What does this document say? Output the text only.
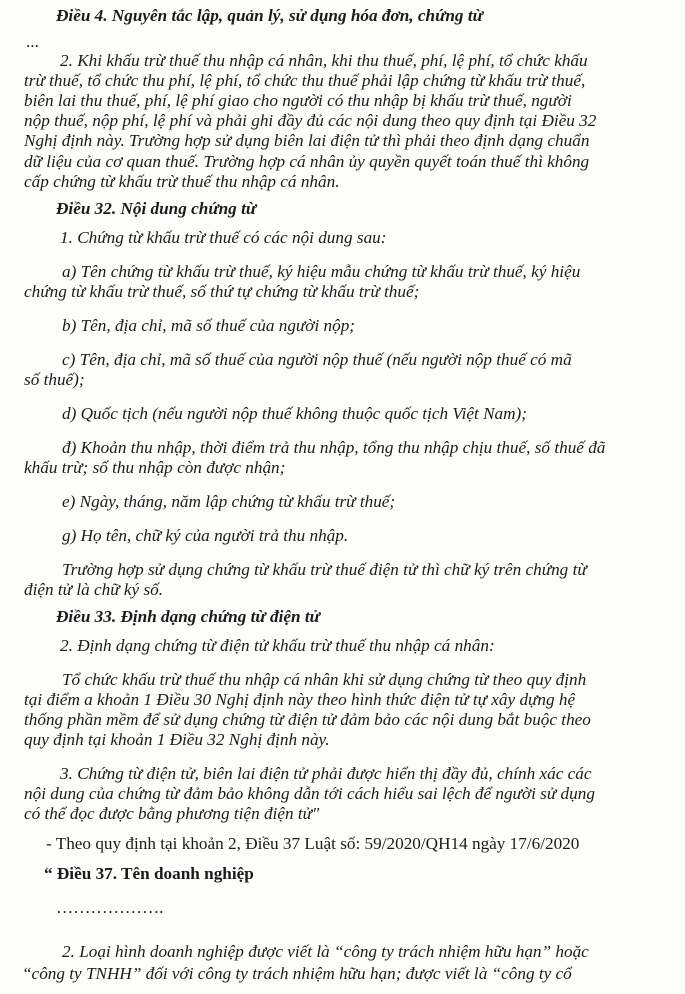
Điều 4. Nguyên tắc lập, quản lý, sử dụng hóa đơn, chứng từ
...
2. Khi khấu trừ thuế thu nhập cá nhân, khi thu thuế, phí, lệ phí, tổ chức khấu
trừ thuế, tổ chức thu phí, lệ phí, tổ chức thu thuế phải lập chứng từ khấu trừ thuế,
biên lai thu thuế, phí, lệ phí giao cho người có thu nhập bị khấu trừ thuế, người
nộp thuế, nộp phí, lệ phí và phải ghi đầy đủ các nội dung theo quy định tại Điều 32
Nghị định này. Trường hợp sử dụng biên lai điện tử thì phải theo định dạng chuẩn
dữ liệu của cơ quan thuế. Trường hợp cá nhân ủy quyền quyết toán thuế thì không
cấp chứng từ khấu trừ thuế thu nhập cá nhân.
Điều 32. Nội dung chứng từ
1. Chứng từ khấu trừ thuế có các nội dung sau:
a) Tên chứng từ khấu trừ thuế, ký hiệu mẫu chứng từ khấu trừ thuế, ký hiệu
chứng từ khấu trừ thuế, số thứ tự chứng từ khấu trừ thuế;
b) Tên, địa chỉ, mã số thuế của người nộp;
c) Tên, địa chỉ, mã số thuế của người nộp thuế (nếu người nộp thuế có mã
số thuế);
d) Quốc tịch (nếu người nộp thuế không thuộc quốc tịch Việt Nam);
đ) Khoản thu nhập, thời điểm trả thu nhập, tổng thu nhập chịu thuế, số thuế đã
khấu trừ; số thu nhập còn được nhận;
e) Ngày, tháng, năm lập chứng từ khấu trừ thuế;
g) Họ tên, chữ ký của người trả thu nhập.
Trường hợp sử dụng chứng từ khấu trừ thuế điện tử thì chữ ký trên chứng từ
điện tử là chữ ký số.
Điều 33. Định dạng chứng từ điện tử
2. Định dạng chứng từ điện tử khấu trừ thuế thu nhập cá nhân:
Tổ chức khấu trừ thuế thu nhập cá nhân khi sử dụng chứng từ theo quy định
tại điểm a khoản 1 Điều 30 Nghị định này theo hình thức điện tử tự xây dựng hệ
thống phần mềm để sử dụng chứng từ điện tử đảm bảo các nội dung bắt buộc theo
quy định tại khoản 1 Điều 32 Nghị định này.
3. Chứng từ điện tử, biên lai điện tử phải được hiển thị đầy đủ, chính xác các
nội dung của chứng từ đảm bảo không dẫn tới cách hiểu sai lệch để người sử dụng
có thể đọc được bằng phương tiện điện tử"
- Theo quy định tại khoản 2, Điều 37 Luật số: 59/2020/QH14 ngày 17/6/2020
“ Điều 37. Tên doanh nghiệp
……………….
2. Loại hình doanh nghiệp được viết là “công ty trách nhiệm hữu hạn” hoặc
“công ty TNHH” đối với công ty trách nhiệm hữu hạn; được viết là “công ty cổ
